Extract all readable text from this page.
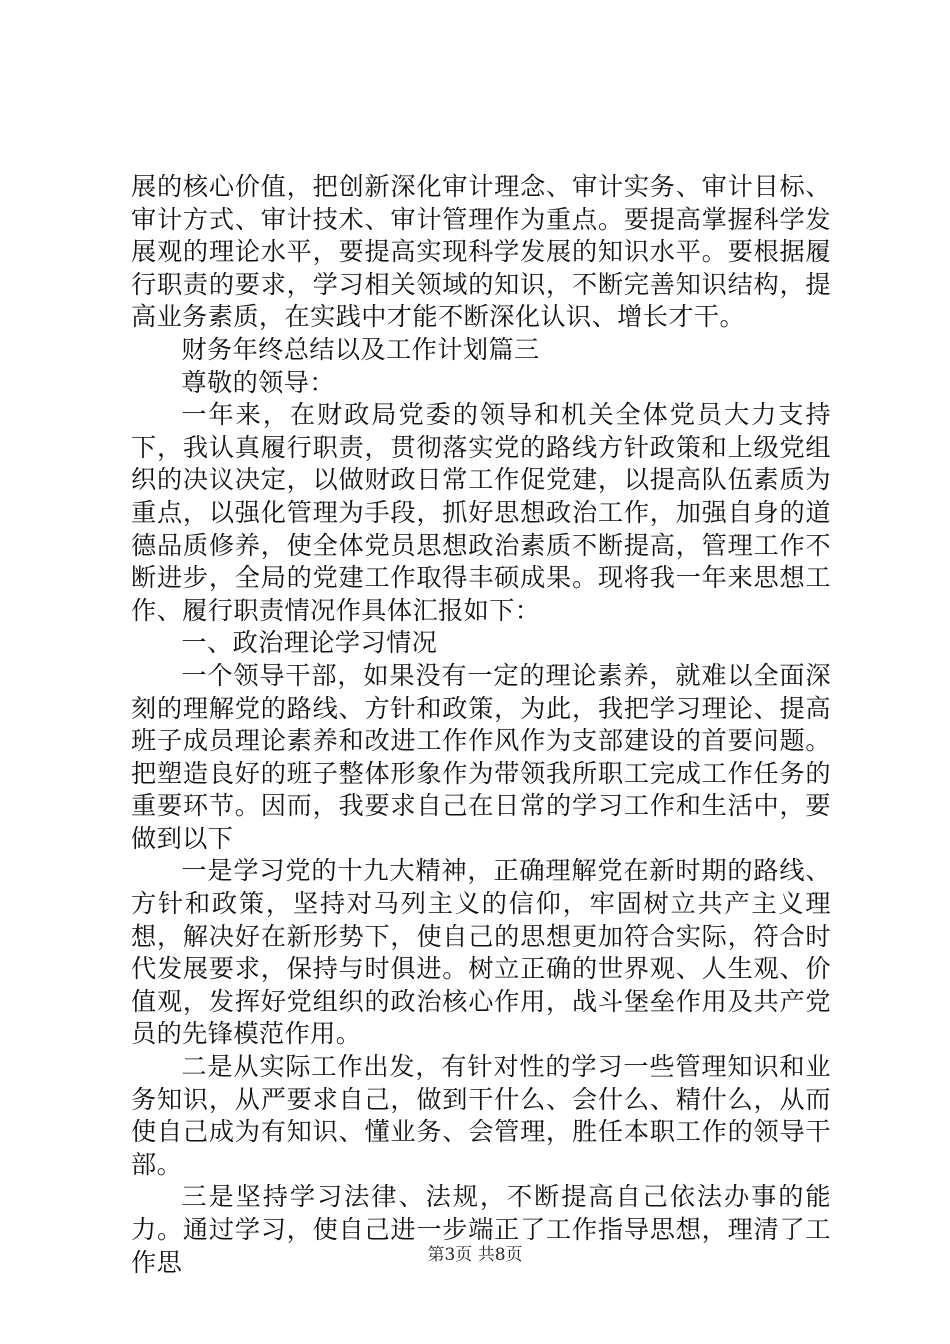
展的核心价值，把创新深化审计理念、审计实务、审计目标、审计方式、审计技术、审计管理作为重点。要提高掌握科学发展观的理论水平，要提高实现科学发展的知识水平。要根据履行职责的要求，学习相关领域的知识，不断完善知识结构，提高业务素质，在实践中才能不断深化认识、增长才干。

财务年终总结以及工作计划篇三

尊敬的领导：

一年来，在财政局党委的领导和机关全体党员大力支持下，我认真履行职责，贯彻落实党的路线方针政策和上级党组织的决议决定，以做财政日常工作促党建，以提高队伍素质为重点，以强化管理为手段，抓好思想政治工作，加强自身的道德品质修养，使全体党员思想政治素质不断提高，管理工作不断进步，全局的党建工作取得丰硕成果。现将我一年来思想工作、履行职责情况作具体汇报如下：

一、政治理论学习情况

一个领导干部，如果没有一定的理论素养，就难以全面深刻的理解党的路线、方针和政策，为此，我把学习理论、提高班子成员理论素养和改进工作作风作为支部建设的首要问题。把塑造良好的班子整体形象作为带领我所职工完成工作任务的重要环节。因而，我要求自己在日常的学习工作和生活中，要做到以下

一是学习党的十九大精神，正确理解党在新时期的路线、方针和政策，坚持对马列主义的信仰，牢固树立共产主义理想，解决好在新形势下，使自己的思想更加符合实际，符合时代发展要求，保持与时俱进。树立正确的世界观、人生观、价值观，发挥好党组织的政治核心作用，战斗堡垒作用及共产党员的先锋模范作用。

二是从实际工作出发，有针对性的学习一些管理知识和业务知识，从严要求自己，做到干什么、会什么、精什么，从而使自己成为有知识、懂业务、会管理，胜任本职工作的领导干部。

三是坚持学习法律、法规，不断提高自己依法办事的能力。通过学习，使自己进一步端正了工作指导思想，理清了工作思	第3页 共8页
